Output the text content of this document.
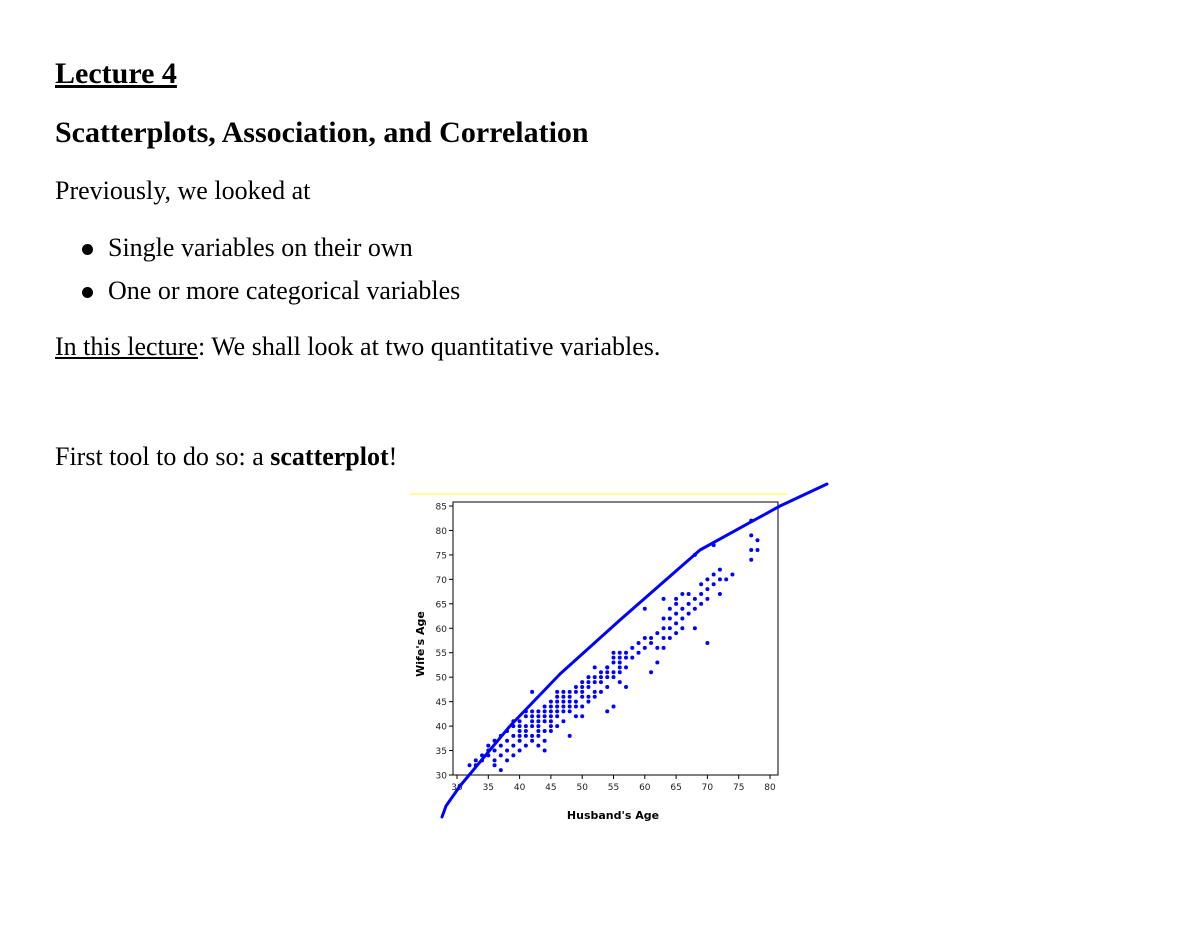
Lecture 4
Scatterplots, Association, and Correlation

Previously, we looked at

Single variables on their own
One or more categorical variables

In this lecture: We shall look at two quantitative variables.

First tool to do so: a scatterplot!

30
35
40
45
50
55
60
65
70
75
80
85
30 35 40 45 50 55 60 65 70 75 80
Husband's Age
Wife's Age
